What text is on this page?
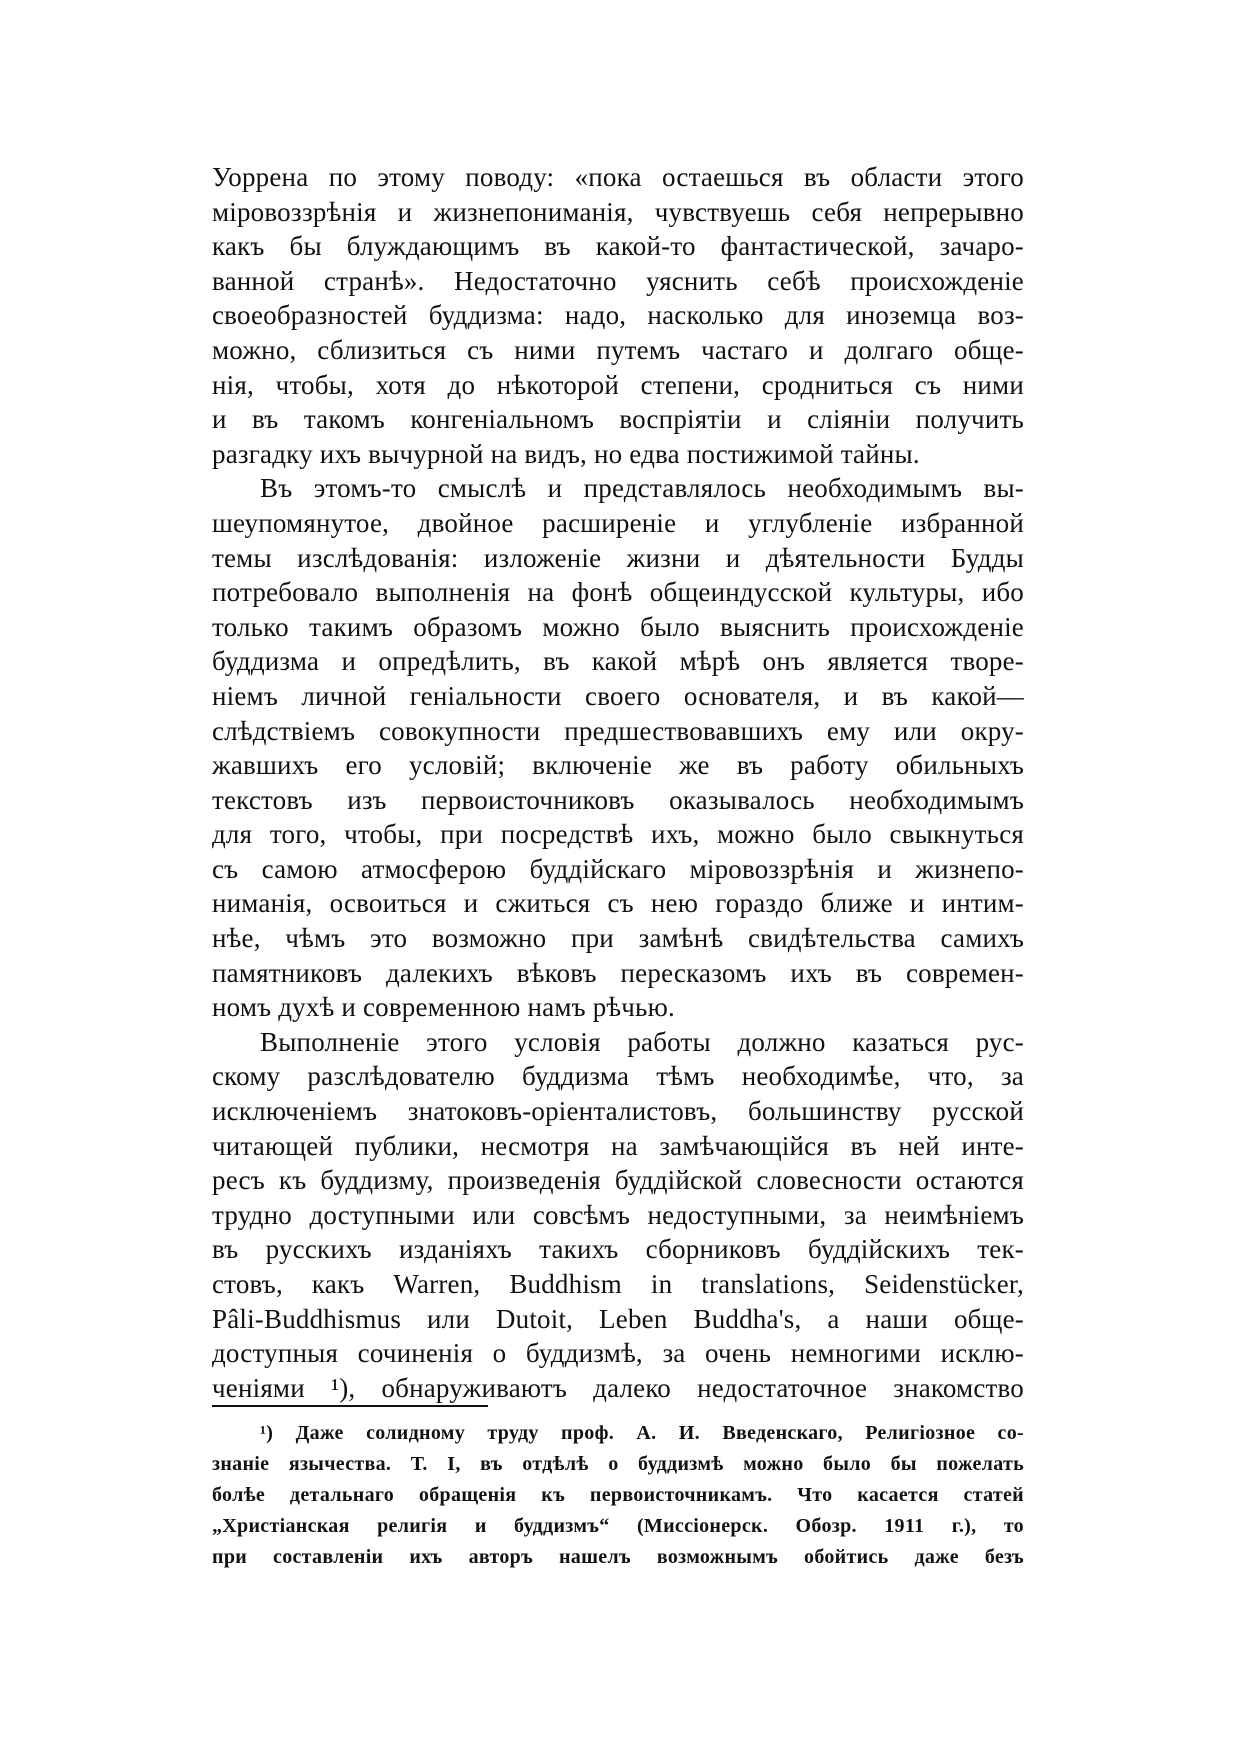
Уоррена по этому поводу: «пока остаешься въ области этого
міровоззрѣнія и жизнепониманія, чувствуешь себя непрерывно
какъ бы блуждающимъ въ какой-то фантастической, зачаро-
ванной странѣ». Недостаточно уяснить себѣ происхожденіе
своеобразностей буддизма: надо, насколько для иноземца воз-
можно, сблизиться съ ними путемъ частаго и долгаго обще-
нія, чтобы, хотя до нѣкоторой степени, сродниться съ ними
и въ такомъ конгеніальномъ воспріятіи и сліяніи получить
разгадку ихъ вычурной на видъ, но едва постижимой тайны.
Въ этомъ-то смыслѣ и представлялось необходимымъ вы-
шеупомянутое, двойное расширеніе и углубленіе избранной
темы изслѣдованія: изложеніе жизни и дѣятельности Будды
потребовало выполненія на фонѣ общеиндусской культуры, ибо
только такимъ образомъ можно было выяснить происхожденіе
буддизма и опредѣлить, въ какой мѣрѣ онъ является творе-
ніемъ личной геніальности своего основателя, и въ какой—
слѣдствіемъ совокупности предшествовавшихъ ему или окру-
жавшихъ его условій; включеніе же въ работу обильныхъ
текстовъ изъ первоисточниковъ оказывалось необходимымъ
для того, чтобы, при посредствѣ ихъ, можно было свыкнуться
съ самою атмосферою буддійскаго міровоззрѣнія и жизнепо-
ниманія, освоиться и сжиться съ нею гораздо ближе и интим-
нѣе, чѣмъ это возможно при замѣнѣ свидѣтельства самихъ
памятниковъ далекихъ вѣковъ пересказомъ ихъ въ современ-
номъ духѣ и современною намъ рѣчью.
Выполненіе этого условія работы должно казаться рус-
скому разслѣдователю буддизма тѣмъ необходимѣе, что, за
исключеніемъ знатоковъ-оріенталистовъ, большинству русской
читающей публики, несмотря на замѣчающійся въ ней инте-
ресъ къ буддизму, произведенія буддійской словесности остаются
трудно доступными или совсѣмъ недоступными, за неимѣніемъ
въ русскихъ изданіяхъ такихъ сборниковъ буддійскихъ тек-
стовъ, какъ Warren, Buddhism in translations, Seidenstücker,
Pâli-Buddhismus или Dutoit, Leben Buddha's, а наши обще-
доступныя сочиненія о буддизмѣ, за очень немногими исклю-
ченіями ¹), обнаруживаютъ далеко недостаточное знакомство
¹) Даже солидному труду проф. А. И. Введенскаго, Религіозное со-
знаніе язычества. Т. I, въ отдѣлѣ о буддизмѣ можно было бы пожелать
болѣе детальнаго обращенія къ первоисточникамъ. Что касается статей
„Христіанская религія и буддизмъ“ (Миссіонерск. Обозр. 1911 г.), то
при составленіи ихъ авторъ нашелъ возможнымъ обойтись даже безъ
